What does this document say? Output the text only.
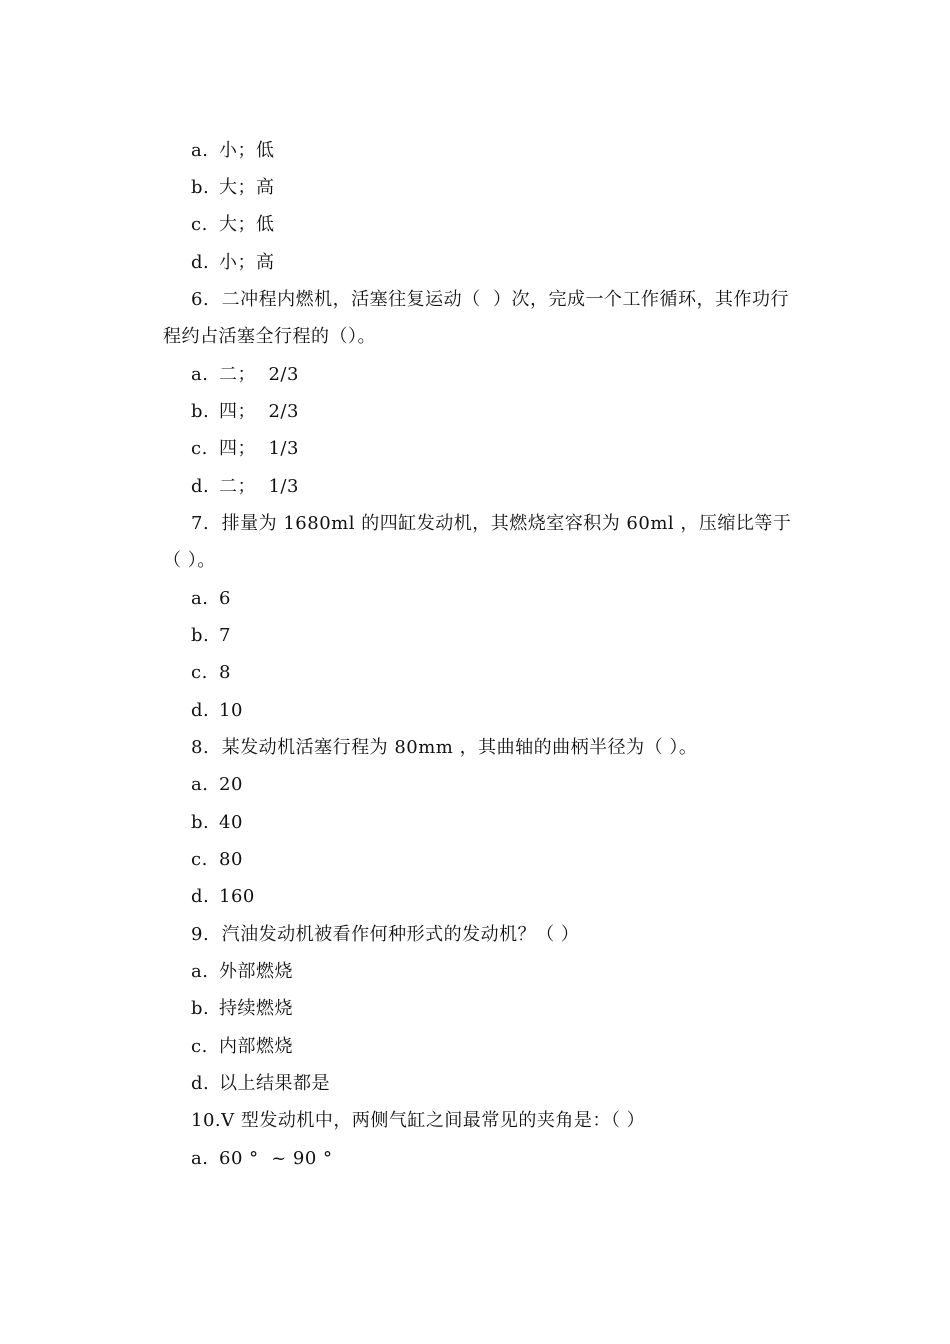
a. 小；低
b. 大；高
c. 大；低
d. 小；高
6.  二冲程内燃机，活塞往复运动（  ）次，完成一个工作循环，其作功行
程约占活塞全行程的（）。
a. 二；  2/3
b. 四；  2/3
c. 四；  1/3
d. 二；  1/3
7.  排量为 1680ml 的四缸发动机，其燃烧室容积为 60ml ，压缩比等于
（ ）。
a. 6
b. 7
c. 8
d. 10
8.  某发动机活塞行程为 80mm ，其曲轴的曲柄半径为（ ）。
a. 20
b. 40
c. 80
d. 160
9.  汽油发动机被看作何种形式的发动机？（ ）
a. 外部燃烧
b. 持续燃烧
c. 内部燃烧
d. 以上结果都是
10.V 型发动机中，两侧气缸之间最常见的夹角是：（ ）
a. 60 °  ~ 90 °
